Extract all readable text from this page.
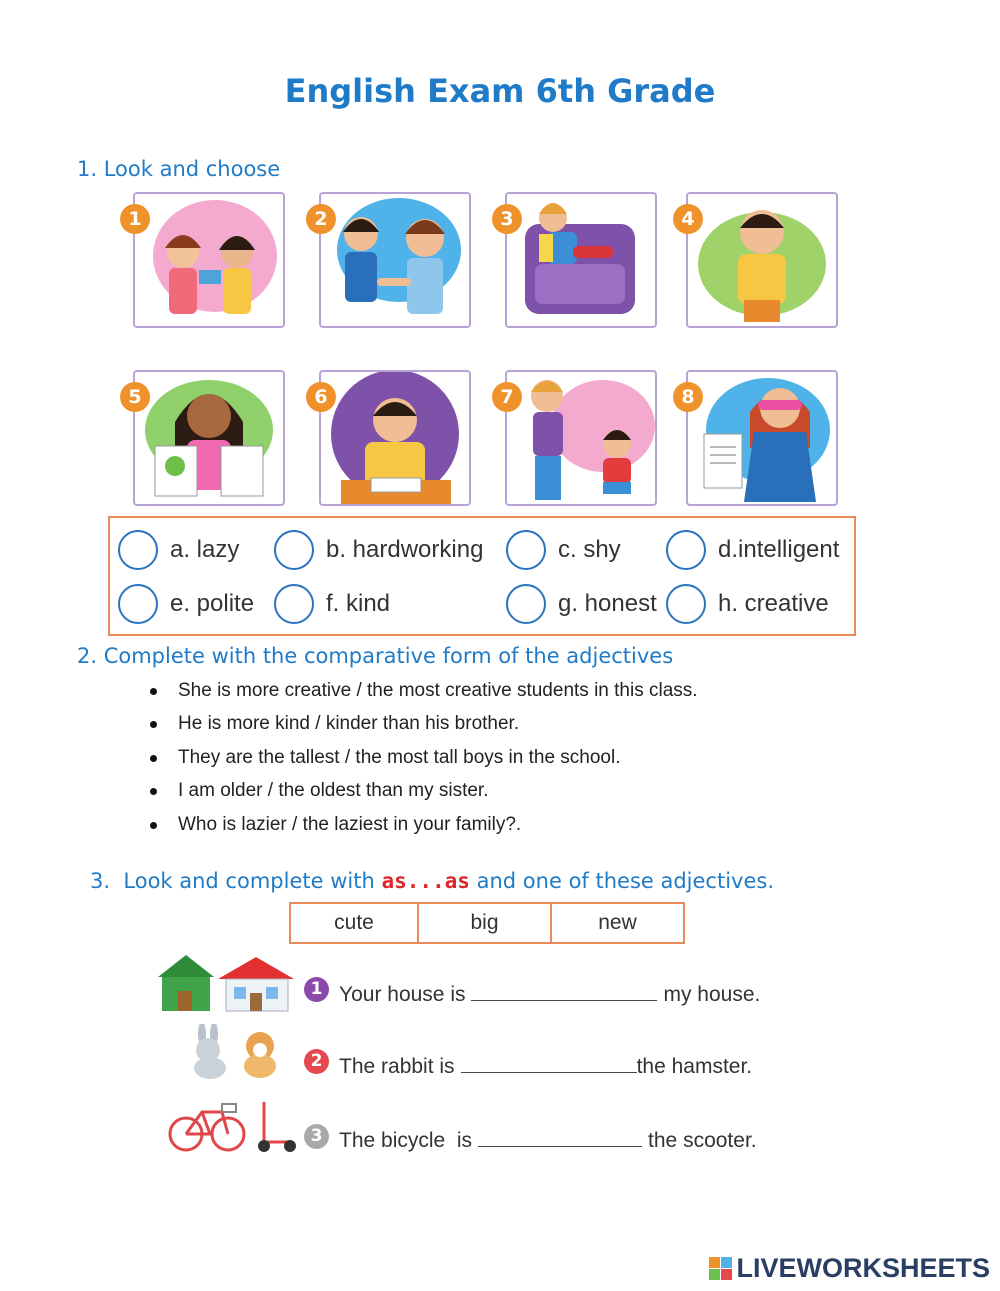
English Exam 6th Grade
1. Look and choose
1	2	3	4
5	6	7	8
a. lazy	b. hardworking	c. shy	d.intelligent
e. polite	f. kind	g. honest	h. creative
2. Complete with the comparative form of the adjectives
She is more creative / the most creative students in this class.
He is more kind / kinder than his brother.
They are the tallest / the most tall boys in the school.
I am older / the oldest than my sister.
Who is lazier / the laziest in your family?.
3.  Look and complete with as...as and one of these adjectives.
cute	big	new
1 Your house is	my house.
2 The rabbit is	the hamster.
3 The bicycle  is	the scooter.
LIVEWORKSHEETS
